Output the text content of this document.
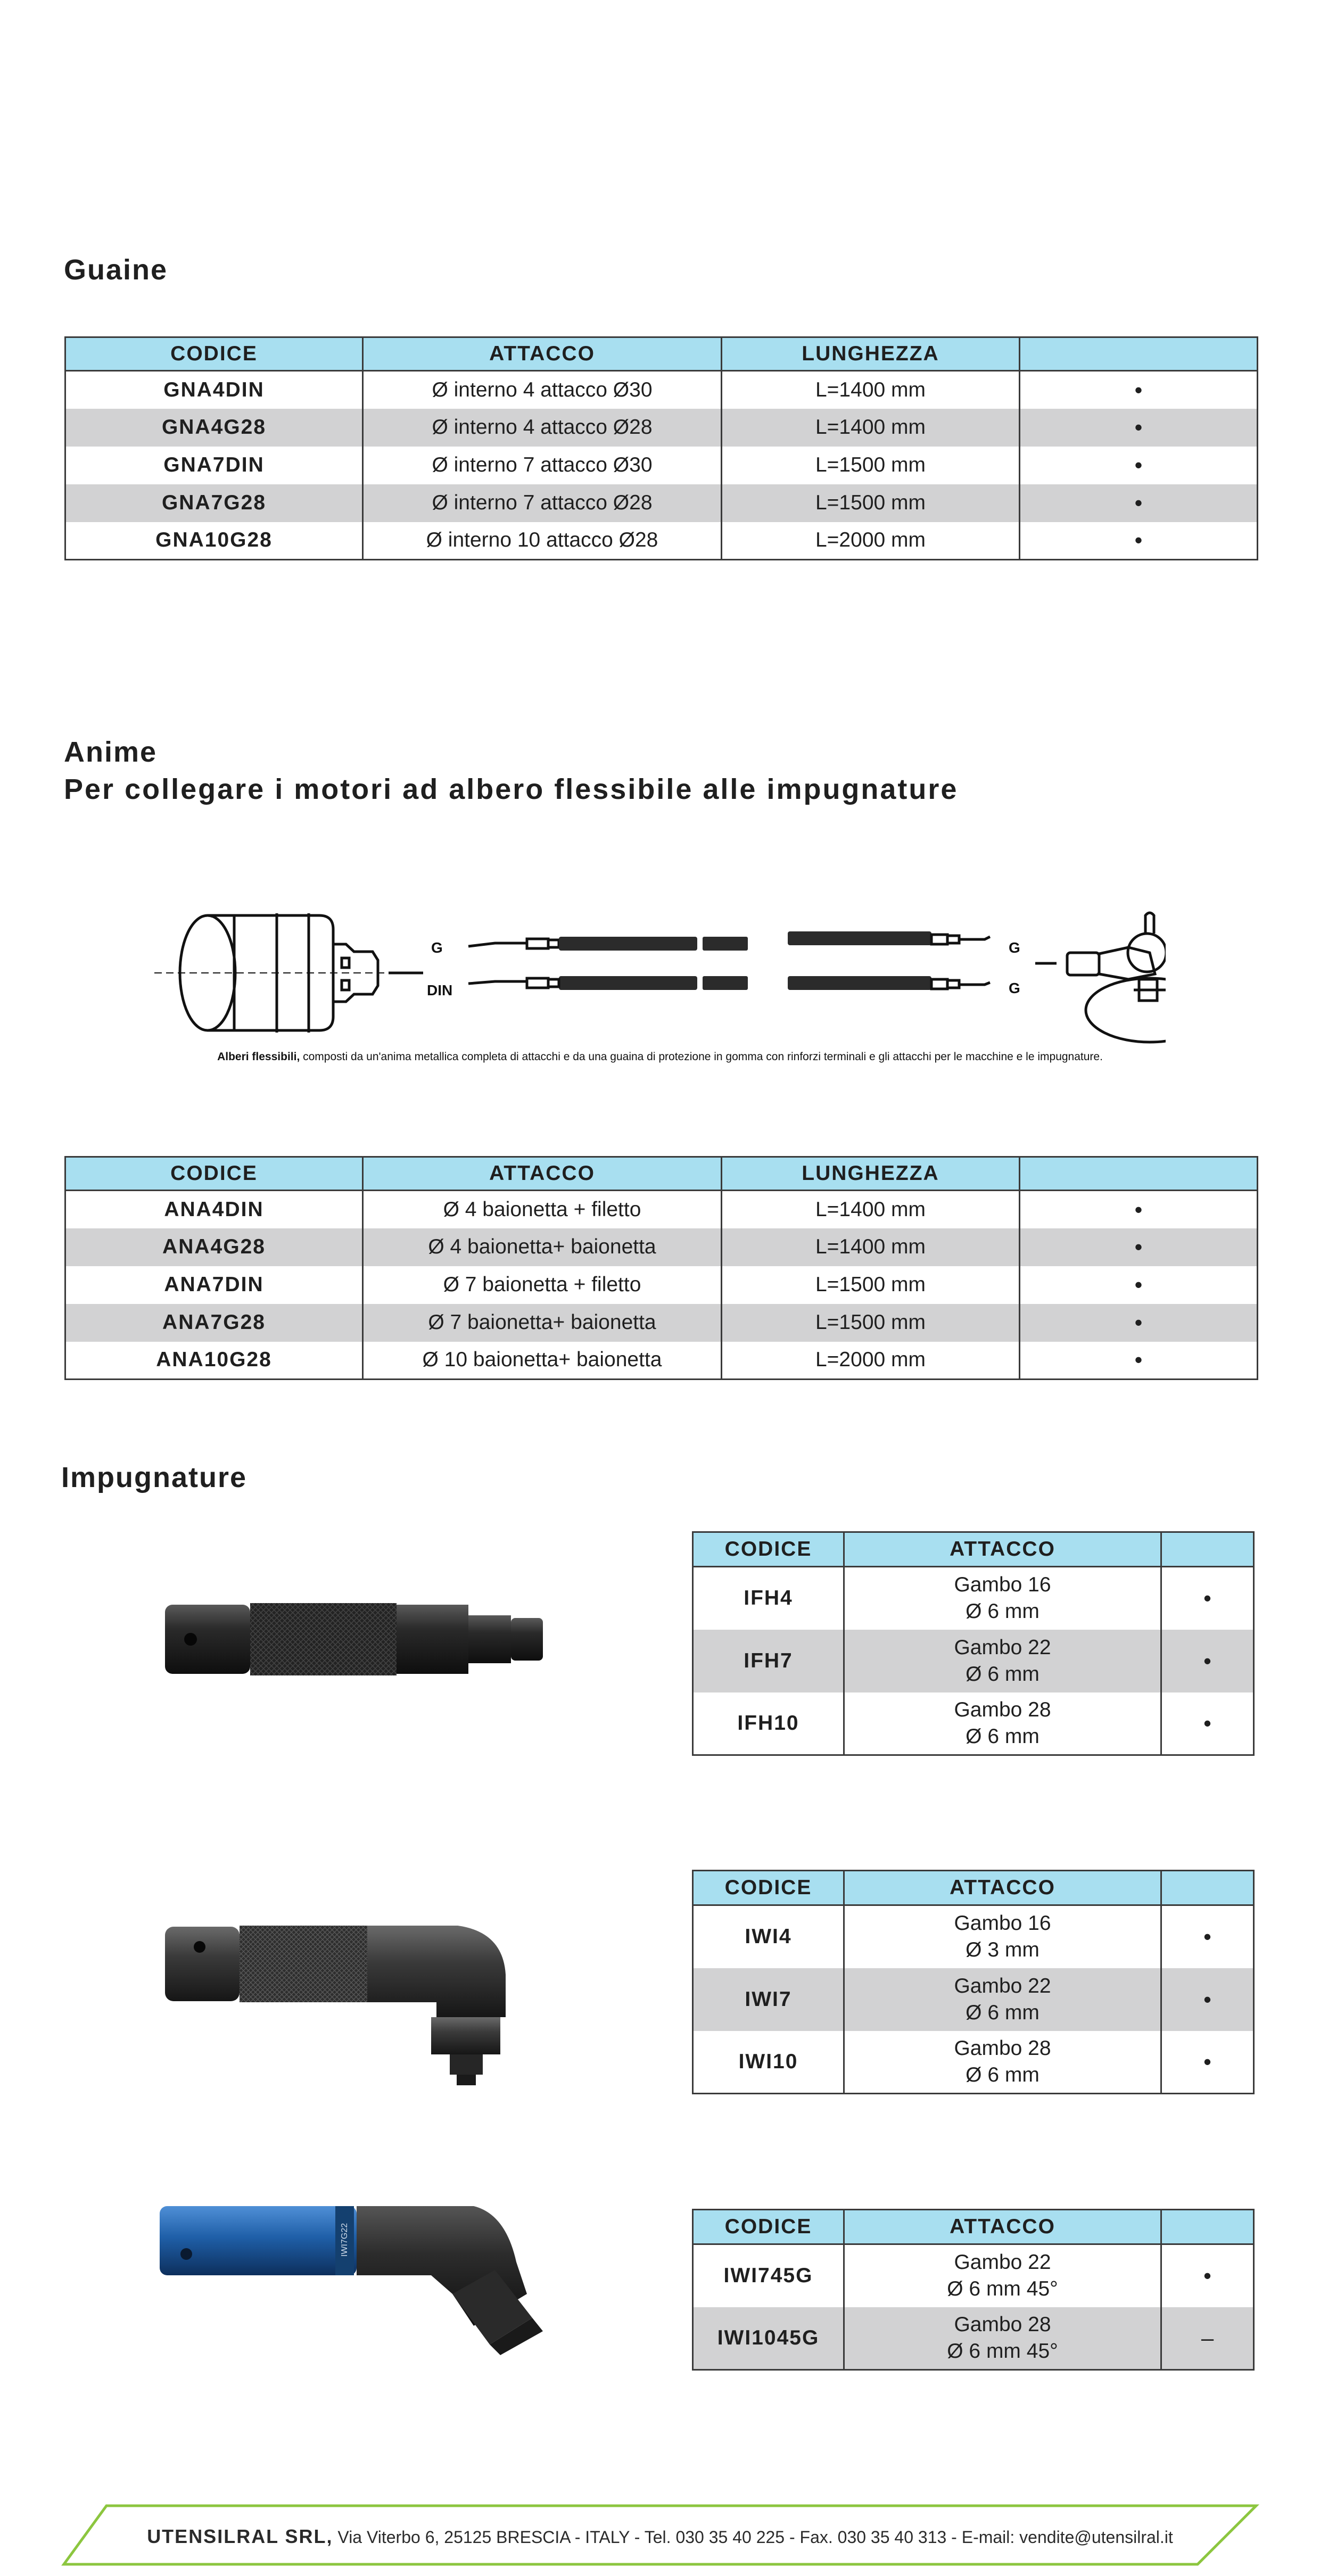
Guaine
CODICE	ATTACCO	LUNGHEZZA	
GNA4DIN	Ø interno 4 attacco Ø30	L=1400 mm	•
GNA4G28	Ø interno 4 attacco Ø28	L=1400 mm	•
GNA7DIN	Ø interno 7 attacco Ø30	L=1500 mm	•
GNA7G28	Ø interno 7 attacco Ø28	L=1500 mm	•
GNA10G28	Ø interno 10 attacco Ø28	L=2000 mm	•
Anime
Per collegare i motori ad albero flessibile alle impugnature
G
DIN
G
G
Alberi flessibili, composti da un'anima metallica completa di attacchi e da una guaina di protezione in gomma con rinforzi terminali e gli attacchi per le macchine e le impugnature.
CODICE	ATTACCO	LUNGHEZZA	
ANA4DIN	Ø 4 baionetta + filetto	L=1400 mm	•
ANA4G28	Ø 4 baionetta+ baionetta	L=1400 mm	•
ANA7DIN	Ø 7 baionetta + filetto	L=1500 mm	•
ANA7G28	Ø 7 baionetta+ baionetta	L=1500 mm	•
ANA10G28	Ø 10 baionetta+ baionetta	L=2000 mm	•
Impugnature
CODICE	ATTACCO	
IFH4	Gambo 16
Ø 6 mm	•
IFH7	Gambo 22
Ø 6 mm	•
IFH10	Gambo 28
Ø 6 mm	•
CODICE	ATTACCO	
IWI4	Gambo 16
Ø 3 mm	•
IWI7	Gambo 22
Ø 6 mm	•
IWI10	Gambo 28
Ø 6 mm	•
IWI7G22	CODICE	ATTACCO	
IWI745G	Gambo 22
Ø 6 mm 45°	•
IWI1045G	Gambo 28
Ø 6 mm 45°	–
UTENSILRAL SRL, Via Viterbo 6, 25125 BRESCIA - ITALY - Tel. 030 35 40 225 - Fax. 030 35 40 313 - E-mail: vendite@utensilral.it
